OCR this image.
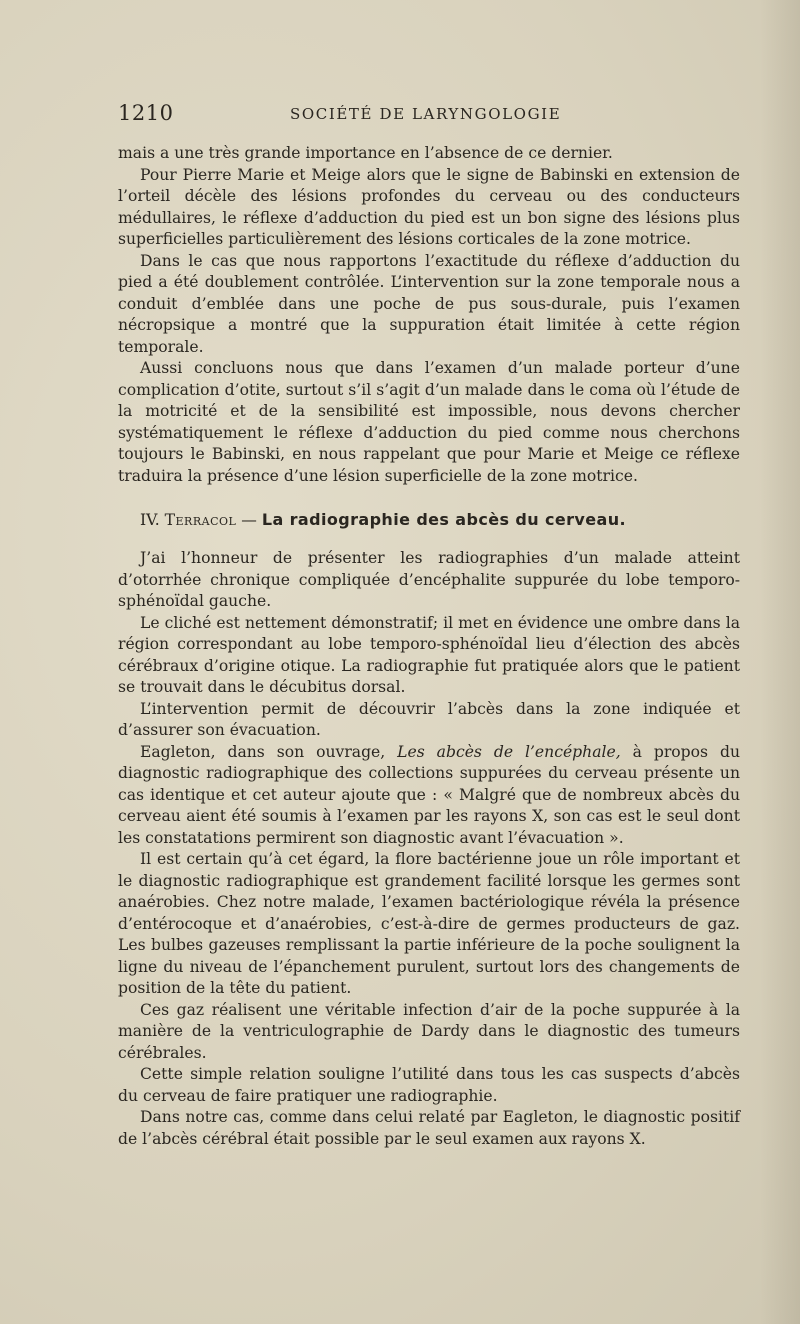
1210	SOCIÉTÉ DE LARYNGOLOGIE

mais a une très grande importance en l’absence de ce dernier.

Pour Pierre Marie et Meige alors que le signe de Babinski en extension de l’orteil décèle des lésions profondes du cerveau ou des conducteurs médullaires, le réflexe d’adduction du pied est un bon signe des lésions plus superficielles particulièrement des lésions corticales de la zone motrice.

Dans le cas que nous rapportons l’exactitude du réflexe d’adduction du pied a été doublement contrôlée. L’intervention sur la zone temporale nous a conduit d’emblée dans une poche de pus sous-durale, puis l’examen nécropsique a montré que la suppuration était limitée à cette région temporale.

Aussi concluons nous que dans l’examen d’un malade porteur d’une complication d’otite, surtout s’il s’agit d’un malade dans le coma où l’étude de la motricité et de la sensibilité est impossible, nous devons chercher systématiquement le réflexe d’adduction du pied comme nous cherchons toujours le Babinski, en nous rappelant que pour Marie et Meige ce réflexe traduira la présence d’une lésion superficielle de la zone motrice.

IV. Terracol — La radiographie des abcès du cerveau.

J’ai l’honneur de présenter les radiographies d’un malade atteint d’otorrhée chronique compliquée d’encéphalite suppurée du lobe temporo-sphénoïdal gauche.

Le cliché est nettement démonstratif; il met en évidence une ombre dans la région correspondant au lobe temporo-sphénoïdal lieu d’élection des abcès cérébraux d’origine otique. La radiographie fut pratiquée alors que le patient se trouvait dans le décubitus dorsal.

L’intervention permit de découvrir l’abcès dans la zone indiquée et d’assurer son évacuation.

Eagleton, dans son ouvrage, Les abcès de l’encéphale, à propos du diagnostic radiographique des collections suppurées du cerveau présente un cas identique et cet auteur ajoute que : « Malgré que de nombreux abcès du cerveau aient été soumis à l’examen par les rayons X, son cas est le seul dont les constatations permirent son diagnostic avant l’évacuation ».

Il est certain qu’à cet égard, la flore bactérienne joue un rôle important et le diagnostic radiographique est grandement facilité lorsque les germes sont anaérobies. Chez notre malade, l’examen bactériologique révéla la présence d’entérocoque et d’anaérobies, c’est-à-dire de germes producteurs de gaz. Les bulbes gazeuses remplissant la partie inférieure de la poche soulignent la ligne du niveau de l’épanchement purulent, surtout lors des changements de position de la tête du patient.

Ces gaz réalisent une véritable infection d’air de la poche suppurée à la manière de la ventriculographie de Dardy dans le diagnostic des tumeurs cérébrales.

Cette simple relation souligne l’utilité dans tous les cas suspects d’abcès du cerveau de faire pratiquer une radiographie.

Dans notre cas, comme dans celui relaté par Eagleton, le diagnostic positif de l’abcès cérébral était possible par le seul examen aux rayons X.
